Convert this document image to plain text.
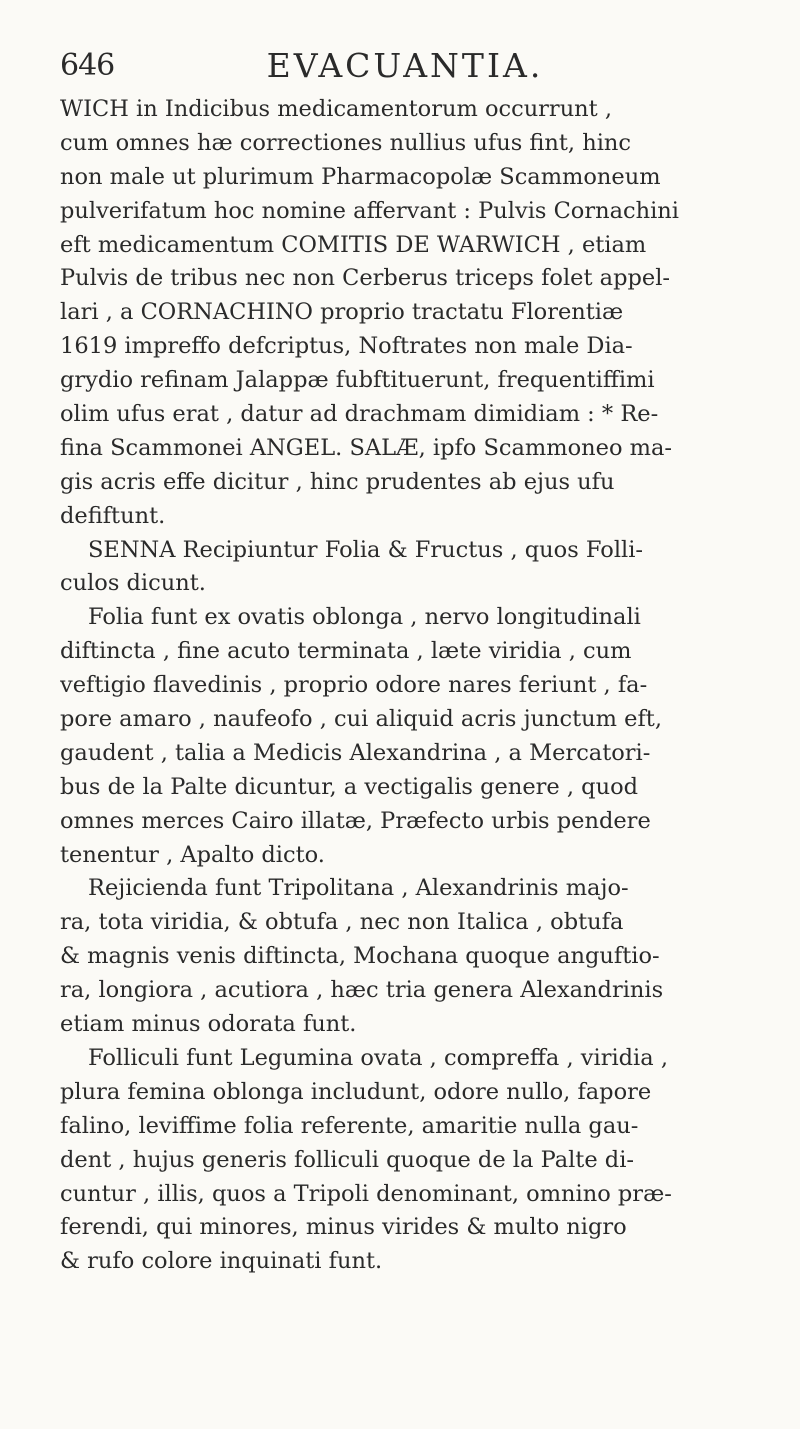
646	EVACUANTIA.
WICH in Indicibus medicamentorum occurrunt ,
cum omnes hæ correctiones nullius ufus fint, hinc
non male ut plurimum Pharmacopolæ Scammoneum
pulverifatum hoc nomine affervant : Pulvis Cornachini
eft medicamentum COMITIS DE WARWICH , etiam
Pulvis de tribus nec non Cerberus triceps folet appel-
lari , a CORNACHINO proprio tractatu Florentiæ
1619 impreffo defcriptus, Noftrates non male Dia-
grydio refinam Jalappæ fubftituerunt, frequentiffimi
olim ufus erat , datur ad drachmam dimidiam : * Re-
fina Scammonei ANGEL. SALÆ, ipfo Scammoneo ma-
gis acris effe dicitur , hinc prudentes ab ejus ufu
defiftunt.
SENNA Recipiuntur Folia & Fructus , quos Folli-
culos dicunt.
Folia funt ex ovatis oblonga , nervo longitudinali
diftincta , fine acuto terminata , læte viridia , cum
veftigio flavedinis , proprio odore nares feriunt , fa-
pore amaro , naufeofo , cui aliquid acris junctum eft,
gaudent , talia a Medicis Alexandrina , a Mercatori-
bus de la Palte dicuntur, a vectigalis genere , quod
omnes merces Cairo illatæ, Præfecto urbis pendere
tenentur , Apalto dicto.
Rejicienda funt Tripolitana , Alexandrinis majo-
ra, tota viridia, & obtufa , nec non Italica , obtufa
& magnis venis diftincta, Mochana quoque anguftio-
ra, longiora , acutiora , hæc tria genera Alexandrinis
etiam minus odorata funt.
Folliculi funt Legumina ovata , compreffa , viridia ,
plura femina oblonga includunt, odore nullo, fapore
falino, leviffime folia referente, amaritie nulla gau-
dent , hujus generis folliculi quoque de la Palte di-
cuntur , illis, quos a Tripoli denominant, omnino præ-
ferendi, qui minores, minus virides & multo nigro
& rufo colore inquinati funt.
